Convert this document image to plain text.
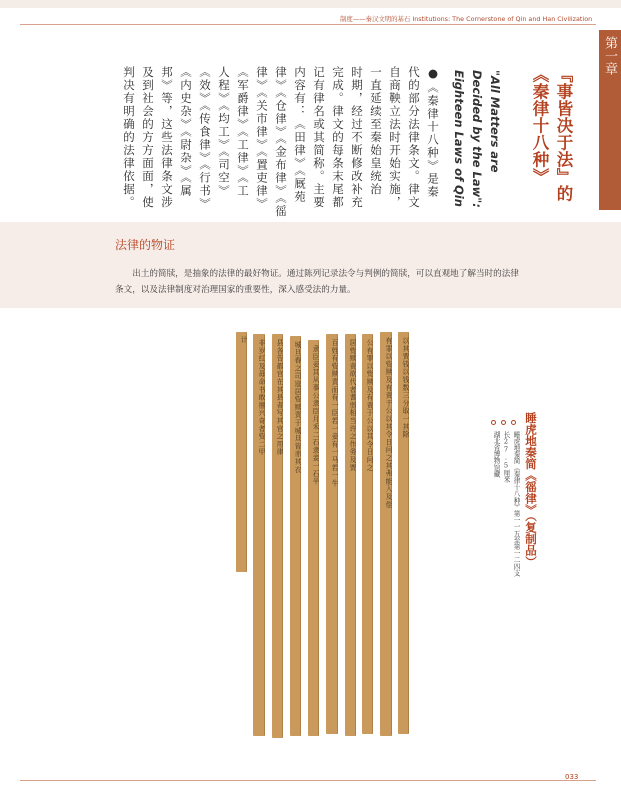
制度——秦汉文明的基石 Institutions: The Cornerstone of Qin and Han Civilization
第一章
『事皆决于法』的
《秦律十八种》
"All Matters are
Decided by the Law":
Eighteen Laws of Qin
●《秦律十八种》是秦
代的部分法律条文。律文
自商鞅立法时开始实施，
一直延续至秦始皇统治
时期，经过不断修改补充
完成。律文的每条末尾都
记有律名或其简称。主要
内容有：《田律》《厩苑
律》《仓律》《金布律》《徭
律》《关市律》《置吏律》
《军爵律》《工律》《工
人程》《均工》《司空》
《效》《传食律》《行书》
《内史杂》《尉杂》《属
邦》等，这些法律条文涉
及到社会的方方面面，使
判决有明确的法律依据。
法律的物证
出土的简牍，是抽象的法律的最好物证。通过陈列记录法令与判例的简牍，可以直观地了解当时的法律条文，以及法律制度对治理国家的重要性，深入感受法的力量。
计	非岁红及毋命书敢擅兴奇者赀二甲	县各告都官在其县者写其官之用律	城旦舂之司寇居赀赎责于城旦皆赤其衣	隶臣妾其从事公隶臣月禾二石隶妾一石半	百姓有赀赎责而有一臣若一妾有一马若一牛	居赀赎责欲代者耆弱相当许之作务及贾	公有罪以赀赎及有责于公以其令日问之	有罪以赀赎及有责于公以其令日问之其弗能入及偿	以其贾钱以钱数三分取一其除
睡虎地秦简《徭律》（复制品）
睡虎地秦简《秦律十八种》第一一五至第一二四支
长27.5厘米
湖北省博物馆藏
033
